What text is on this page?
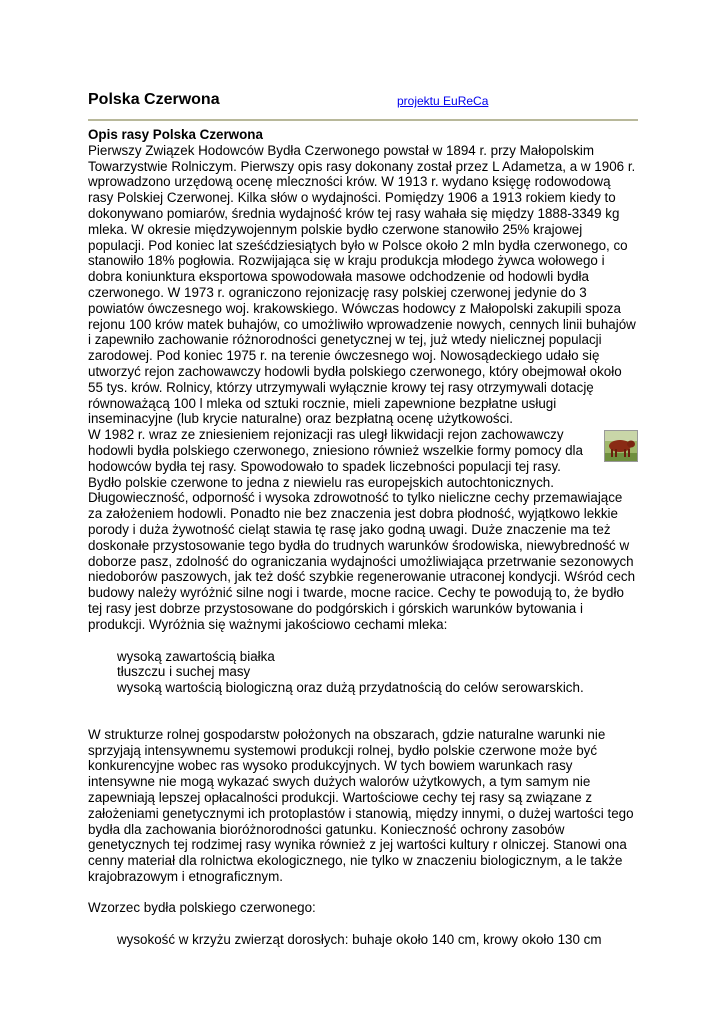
Polska Czerwona	projektu EuReCa

Opis rasy Polska Czerwona

Pierwszy Związek Hodowców Bydła Czerwonego powstał w 1894 r. przy Małopolskim Towarzystwie Rolniczym. Pierwszy opis rasy dokonany został przez L Adametza, a w 1906 r. wprowadzono urzędową ocenę mleczności krów. W 1913 r. wydano księgę rodowodową rasy Polskiej Czerwonej. Kilka słów o wydajności. Pomiędzy 1906 a 1913 rokiem kiedy to dokonywano pomiarów, średnia wydajność krów tej rasy wahała się między 1888-3349 kg mleka. W okresie międzywojennym polskie bydło czerwone stanowiło 25% krajowej populacji. Pod koniec lat sześćdziesiątych było w Polsce około 2 mln bydła czerwonego, co stanowiło 18% pogłowia. Rozwijająca się w kraju produkcja młodego żywca wołowego i dobra koniunktura eksportowa spowodowała masowe odchodzenie od hodowli bydła czerwonego. W 1973 r. ograniczono rejonizację rasy polskiej czerwonej jedynie do 3 powiatów ówczesnego woj. krakowskiego. Wówczas hodowcy z Małopolski zakupili spoza rejonu 100 krów matek buhajów, co umożliwiło wprowadzenie nowych, cennych linii buhajów i zapewniło zachowanie różnorodności genetycznej w tej, już wtedy nielicznej populacji zarodowej. Pod koniec 1975 r. na terenie ówczesnego woj. Nowosądeckiego udało się utworzyć rejon zachowawczy hodowli bydła polskiego czerwonego, który obejmował około 55 tys. krów. Rolnicy, którzy utrzymywali wyłącznie krowy tej rasy otrzymywali dotację równoważącą 100 l mleka od sztuki rocznie, mieli zapewnione bezpłatne usługi inseminacyjne (lub krycie naturalne) oraz bezpłatną ocenę użytkowości.

W 1982 r. wraz ze zniesieniem rejonizacji ras uległ likwidacji rejon zachowawczy hodowli bydła polskiego czerwonego, zniesiono również wszelkie formy pomocy dla hodowców bydła tej rasy. Spowodowało to spadek liczebności populacji tej rasy. Bydło polskie czerwone to jedna z niewielu ras europejskich autochtonicznych. Długowieczność, odporność i wysoka zdrowotność to tylko nieliczne cechy przemawiające za założeniem hodowli. Ponadto nie bez znaczenia jest dobra płodność, wyjątkowo lekkie porody i duża żywotność cieląt stawia tę rasę jako godną uwagi. Duże znaczenie ma też doskonałe przystosowanie tego bydła do trudnych warunków środowiska, niewybredność w doborze pasz, zdolność do ograniczania wydajności umożliwiająca przetrwanie sezonowych niedoborów paszowych, jak też dość szybkie regenerowanie utraconej kondycji. Wśród cech budowy należy wyróżnić silne nogi i twarde, mocne racice. Cechy te powodują to, że bydło tej rasy jest dobrze przystosowane do podgórskich i górskich warunków bytowania i produkcji. Wyróżnia się ważnymi jakościowo cechami mleka:

wysoką zawartością białka
tłuszczu i suchej masy
wysoką wartością biologiczną oraz dużą przydatnością do celów serowarskich.

W strukturze rolnej gospodarstw położonych na obszarach, gdzie naturalne warunki nie sprzyjają intensywnemu systemowi produkcji rolnej, bydło polskie czerwone może być konkurencyjne wobec ras wysoko produkcyjnych. W tych bowiem warunkach rasy intensywne nie mogą wykazać swych dużych walorów użytkowych, a tym samym nie zapewniają lepszej opłacalności produkcji. Wartościowe cechy tej rasy są związane z założeniami genetycznymi ich protoplastów i stanowią, między innymi, o dużej wartości tego bydła dla zachowania bioróżnorodności gatunku. Konieczność ochrony zasobów genetycznych tej rodzimej rasy wynika również z jej wartości kultury r olniczej. Stanowi ona cenny materiał dla rolnictwa ekologicznego, nie tylko w znaczeniu biologicznym, a le także krajobrazowym i etnograficznym.

Wzorzec bydła polskiego czerwonego:

wysokość w krzyżu zwierząt dorosłych: buhaje około 140 cm, krowy około 130 cm
